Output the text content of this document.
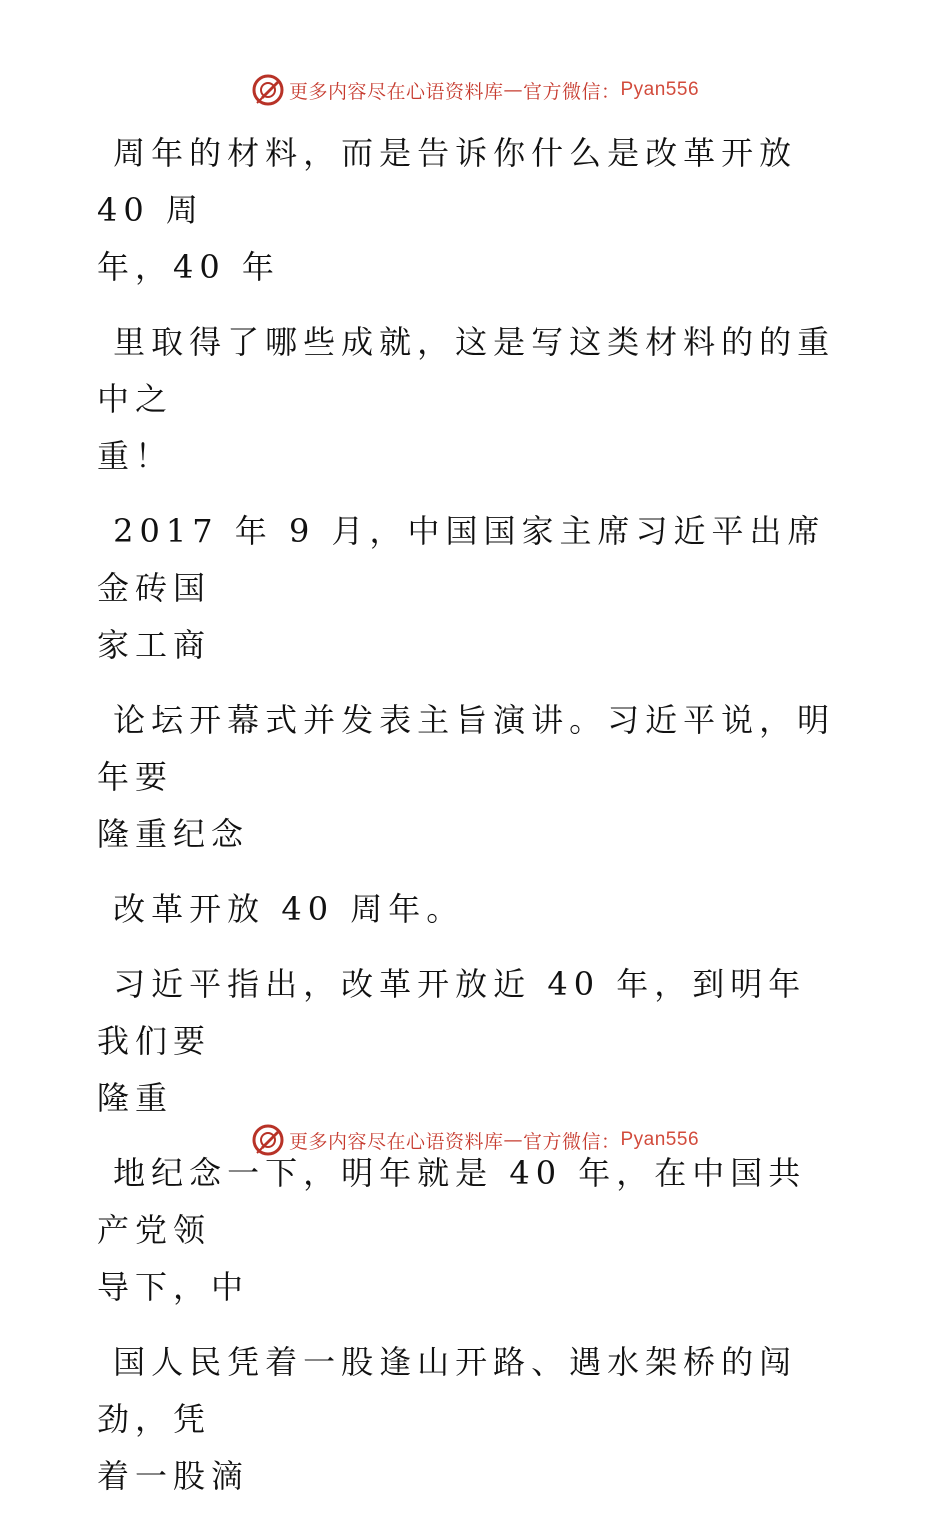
更多内容尽在心语资料库 — 官方微信： Pyan556
周年的材料，而是告诉你什么是改革开放 40 周
年，40 年
里取得了哪些成就，这是写这类材料的的重中之
重！
2017 年 9 月，中国国家主席习近平出席金砖国
家工商
论坛开幕式并发表主旨演讲。习近平说，明年要
隆重纪念
改革开放 40 周年。
习近平指出，改革开放近 40 年，到明年我们要
隆重
地纪念一下，明年就是 40 年，在中国共产党领
导下，中
国人民凭着一股逢山开路、遇水架桥的闯劲，凭
着一股滴
更多内容尽在心语资料库 — 官方微信： Pyan556
